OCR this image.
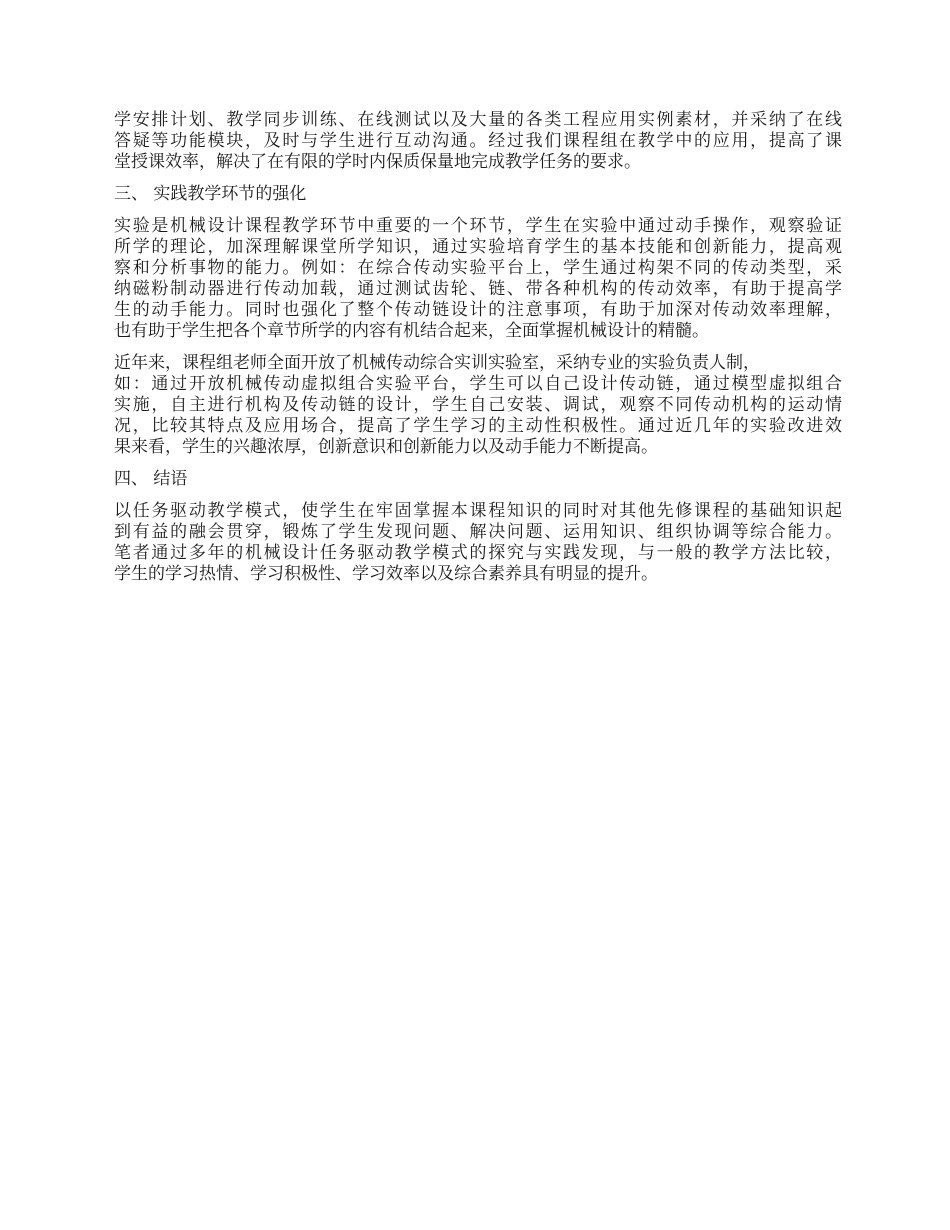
学安排计划、教学同步训练、在线测试以及大量的各类工程应用实例素材，并采纳了在线
答疑等功能模块，及时与学生进行互动沟通。经过我们课程组在教学中的应用，提高了课
堂授课效率，解决了在有限的学时内保质保量地完成教学任务的要求。
三、 实践教学环节的强化
实验是机械设计课程教学环节中重要的一个环节，学生在实验中通过动手操作，观察验证
所学的理论，加深理解课堂所学知识，通过实验培育学生的基本技能和创新能力，提高观
察和分析事物的能力。例如：在综合传动实验平台上，学生通过构架不同的传动类型，采
纳磁粉制动器进行传动加载，通过测试齿轮、链、带各种机构的传动效率，有助于提高学
生的动手能力。同时也强化了整个传动链设计的注意事项，有助于加深对传动效率理解，
也有助于学生把各个章节所学的内容有机结合起来，全面掌握机械设计的精髓。
近年来，课程组老师全面开放了机械传动综合实训实验室，采纳专业的实验负责人制，
如：通过开放机械传动虚拟组合实验平台，学生可以自己设计传动链，通过模型虚拟组合
实施，自主进行机构及传动链的设计，学生自己安装、调试，观察不同传动机构的运动情
况，比较其特点及应用场合，提高了学生学习的主动性积极性。通过近几年的实验改进效
果来看，学生的兴趣浓厚，创新意识和创新能力以及动手能力不断提高。
四、 结语
以任务驱动教学模式，使学生在牢固掌握本课程知识的同时对其他先修课程的基础知识起
到有益的融会贯穿，锻炼了学生发现问题、解决问题、运用知识、组织协调等综合能力。
笔者通过多年的机械设计任务驱动教学模式的探究与实践发现，与一般的教学方法比较，
学生的学习热情、学习积极性、学习效率以及综合素养具有明显的提升。
